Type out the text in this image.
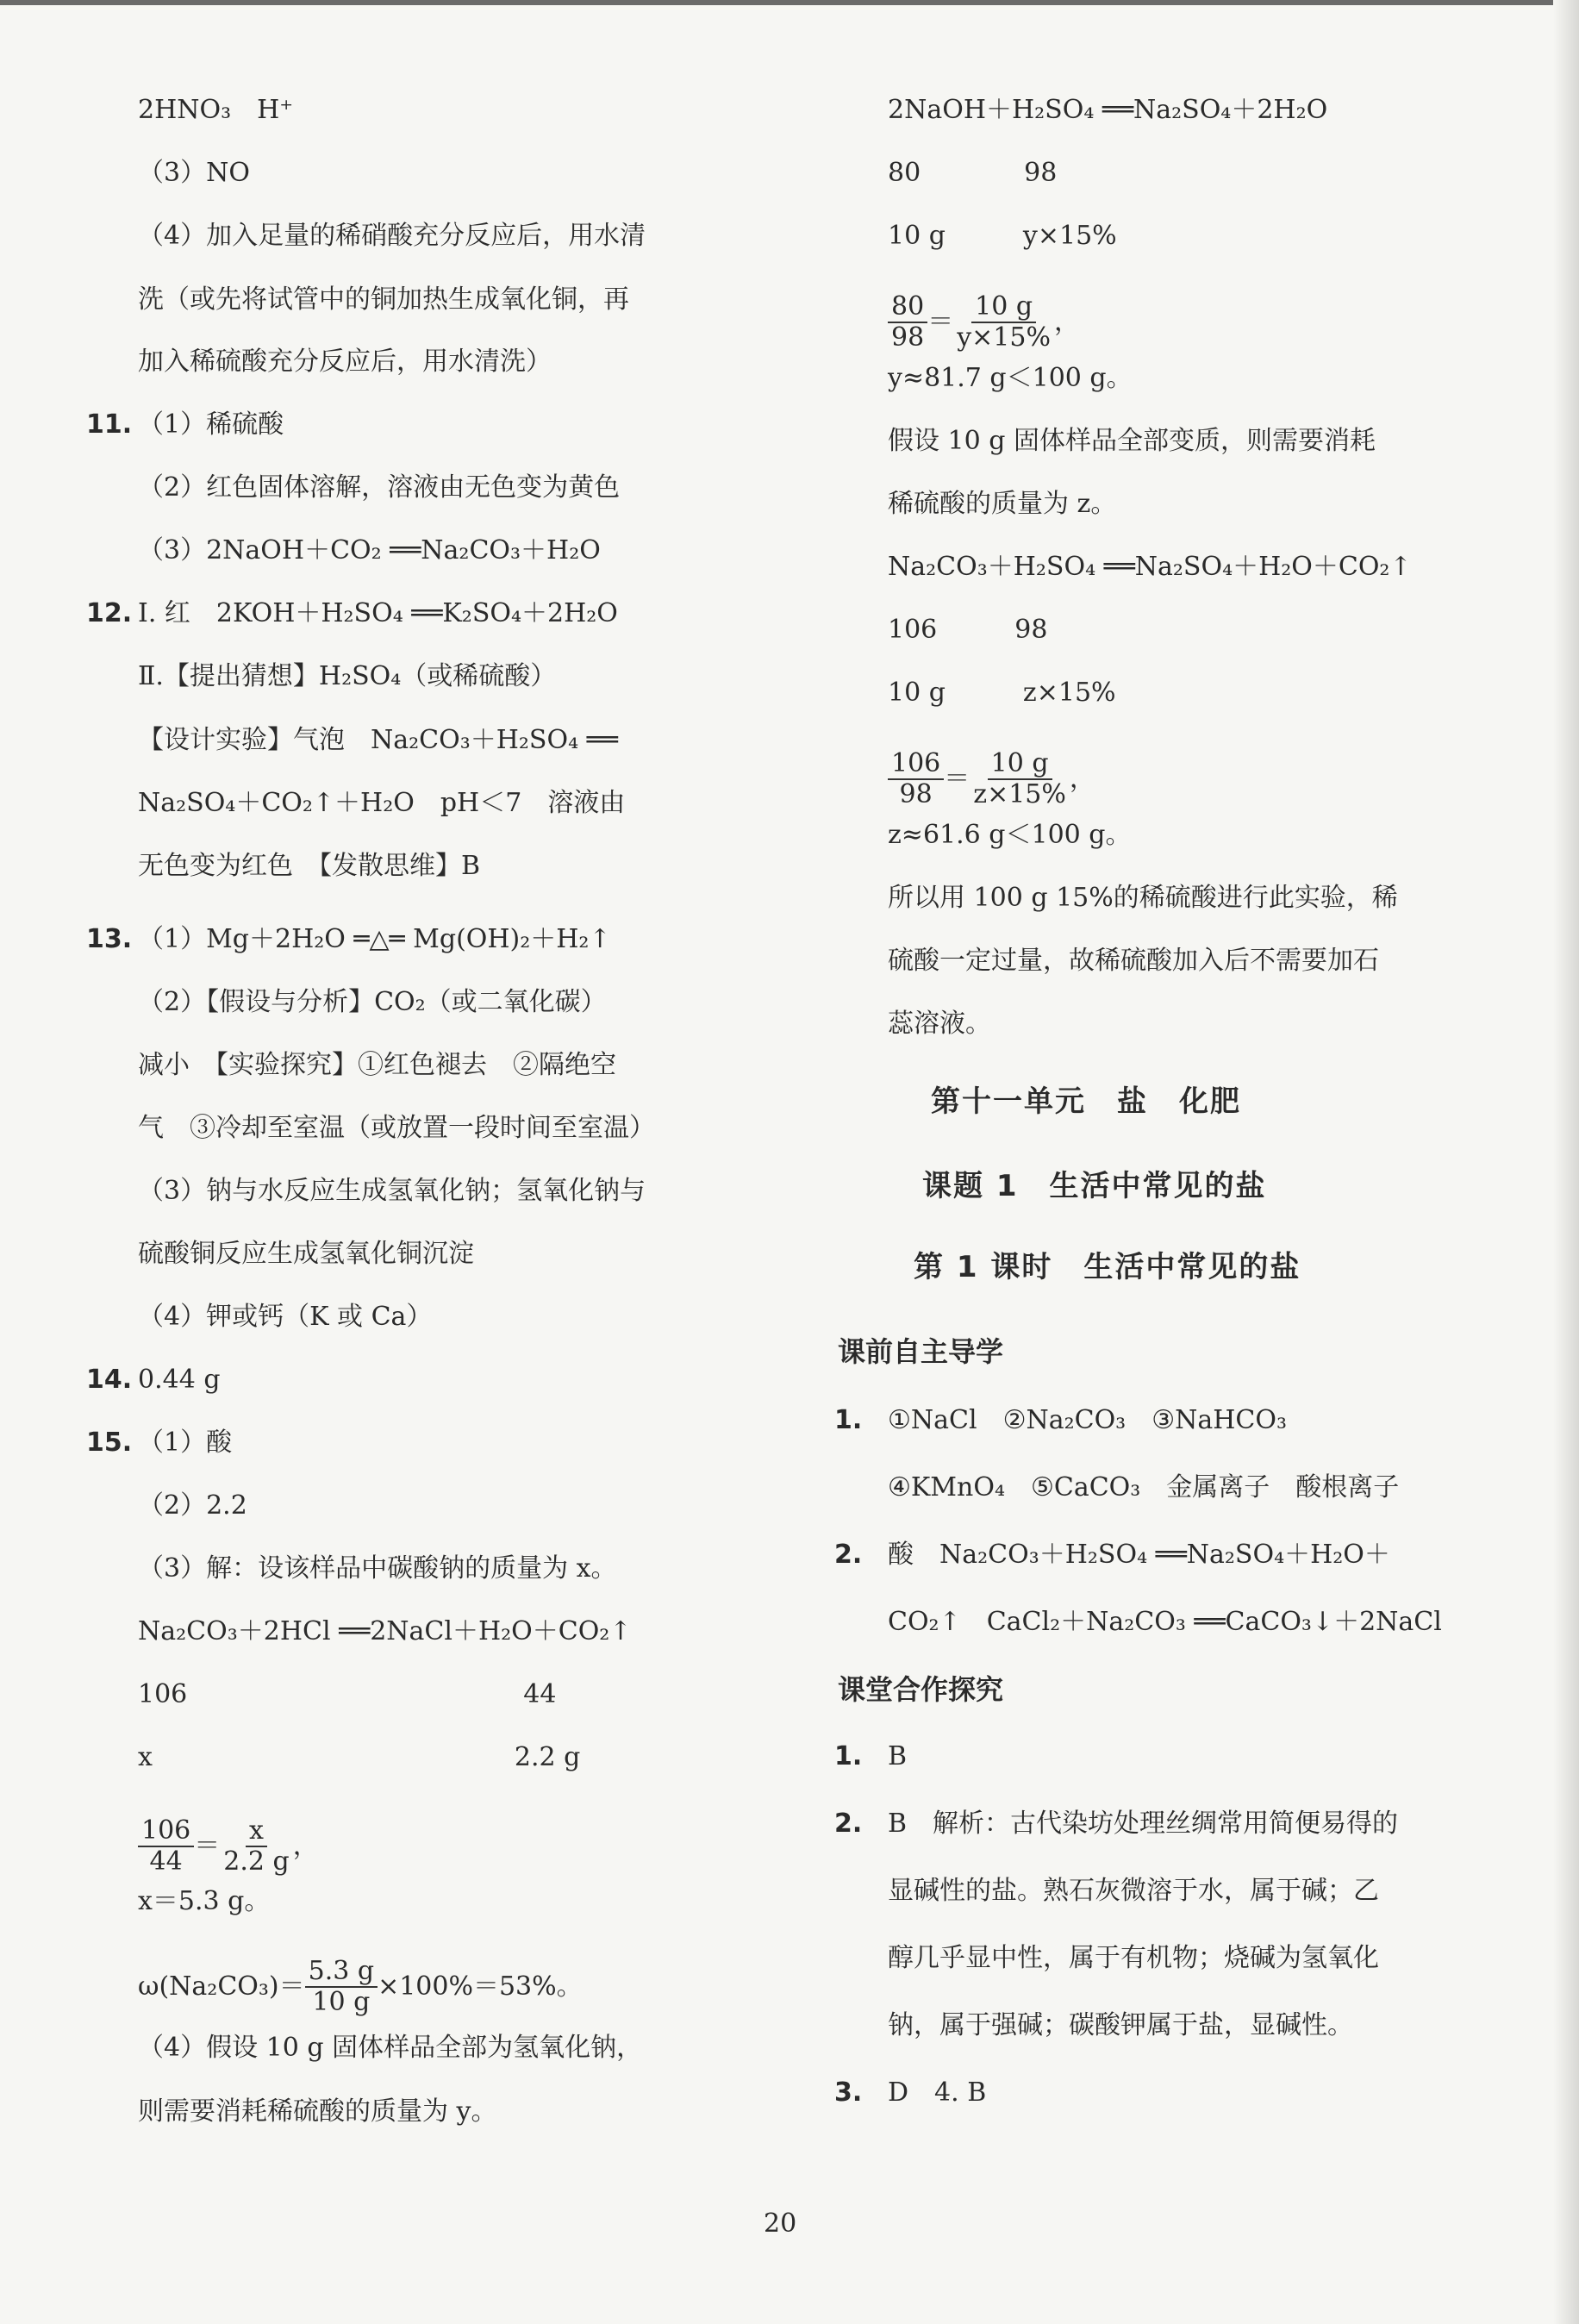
2HNO₃　H⁺
（3）NO
（4）加入足量的稀硝酸充分反应后，用水清
洗（或先将试管中的铜加热生成氧化铜，再
加入稀硫酸充分反应后，用水清洗）
11. （1）稀硫酸
（2）红色固体溶解，溶液由无色变为黄色
（3）2NaOH＋CO₂ ══Na₂CO₃＋H₂O
12. Ⅰ. 红　2KOH＋H₂SO₄ ══K₂SO₄＋2H₂O
Ⅱ.【提出猜想】H₂SO₄（或稀硫酸）
【设计实验】气泡　Na₂CO₃＋H₂SO₄ ══
Na₂SO₄＋CO₂↑＋H₂O　pH＜7　溶液由
无色变为红色　【发散思维】B
13. （1）Mg＋2H₂O ═△═ Mg(OH)₂＋H₂↑
（2）【假设与分析】CO₂（或二氧化碳）
减小　【实验探究】①红色褪去　②隔绝空
气　③冷却至室温（或放置一段时间至室温）
（3）钠与水反应生成氢氧化钠；氢氧化钠与
硫酸铜反应生成氢氧化铜沉淀
（4）钾或钙（K 或 Ca）
14. 0.44 g
15. （1）酸
（2）2.2
（3）解：设该样品中碳酸钠的质量为 x。
Na₂CO₃＋2HCl ══2NaCl＋H₂O＋CO₂↑
106　　　　　　　　　　　　　44
x　　　　　　　　　　　　　　2.2 g
$\frac{106}{44} = \frac{x}{2.2 g}$ ，
x＝5.3 g。
$\omega(Na_2CO_3)= \frac{5.3 g}{10 g} \times 100\%=53\%$。
（4）假设 10 g 固体样品全部为氢氧化钠，
则需要消耗稀硫酸的质量为 y。
2NaOH＋H₂SO₄ ══Na₂SO₄＋2H₂O
80　　　　98
10 g　　　y×15%
$\frac{80}{98} = \frac{10 g}{y\times 15\%}$ ，
y≈81.7 g＜100 g。
假设 10 g 固体样品全部变质，则需要消耗
稀硫酸的质量为 z。
Na₂CO₃＋H₂SO₄ ══Na₂SO₄＋H₂O＋CO₂↑
106　　　98
10 g　　　z×15%
$\frac{106}{98} = \frac{10 g}{z\times 15\%}$ ，
z≈61.6 g＜100 g。
所以用 100 g 15%的稀硫酸进行此实验，稀
硫酸一定过量，故稀硫酸加入后不需要加石
蕊溶液。
第十一单元　盐　化肥
课题 1　生活中常见的盐
第 1 课时　生活中常见的盐
课前自主导学
1. ①NaCl　②Na₂CO₃　③NaHCO₃
④KMnO₄　⑤CaCO₃　金属离子　酸根离子
2. 酸　Na₂CO₃＋H₂SO₄ ══Na₂SO₄＋H₂O＋
CO₂↑　CaCl₂＋Na₂CO₃ ══CaCO₃↓＋2NaCl
课堂合作探究
1. B
2. B　解析：古代染坊处理丝绸常用简便易得的
显碱性的盐。熟石灰微溶于水，属于碱；乙
醇几乎显中性，属于有机物；烧碱为氢氧化
钠，属于强碱；碳酸钾属于盐，显碱性。
3. D　4. B
20
